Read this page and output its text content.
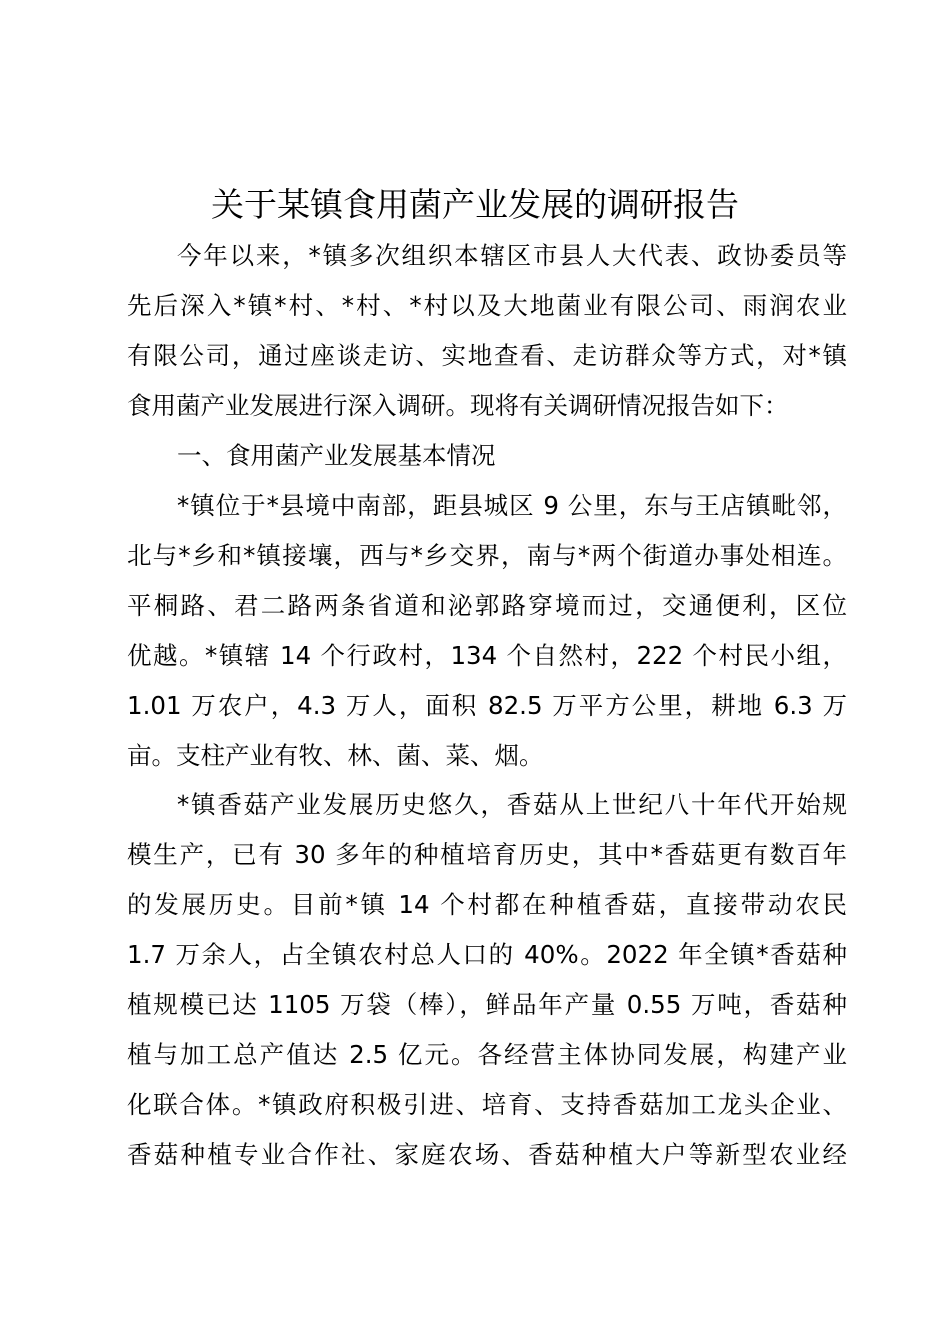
关于某镇食用菌产业发展的调研报告
今年以来，*镇多次组织本辖区市县人大代表、政协委员等
先后深入*镇*村、*村、*村以及大地菌业有限公司、雨润农业
有限公司，通过座谈走访、实地查看、走访群众等方式，对*镇
食用菌产业发展进行深入调研。现将有关调研情况报告如下：
一、食用菌产业发展基本情况
*镇位于*县境中南部，距县城区 9 公里，东与王店镇毗邻，
北与*乡和*镇接壤，西与*乡交界，南与*两个街道办事处相连。
平桐路、君二路两条省道和泌郭路穿境而过，交通便利，区位
优越。*镇辖 14 个行政村，134 个自然村，222 个村民小组，
1.01 万农户，4.3 万人，面积 82.5 万平方公里，耕地 6.3 万
亩。支柱产业有牧、林、菌、菜、烟。
*镇香菇产业发展历史悠久，香菇从上世纪八十年代开始规
模生产，已有 30 多年的种植培育历史，其中*香菇更有数百年
的发展历史。目前*镇 14 个村都在种植香菇，直接带动农民
1.7 万余人，占全镇农村总人口的 40%。2022 年全镇*香菇种
植规模已达 1105 万袋（棒），鲜品年产量 0.55 万吨，香菇种
植与加工总产值达 2.5 亿元。各经营主体协同发展，构建产业
化联合体。*镇政府积极引进、培育、支持香菇加工龙头企业、
香菇种植专业合作社、家庭农场、香菇种植大户等新型农业经
